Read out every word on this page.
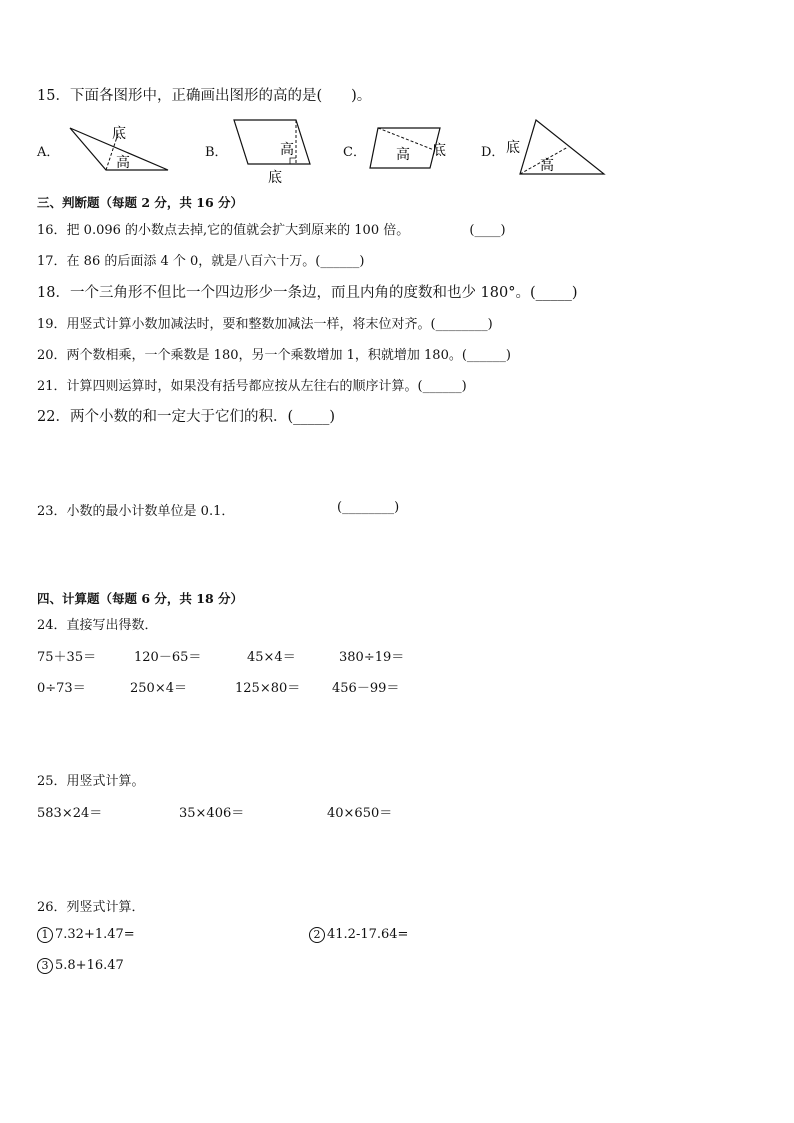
15．下面各图形中，正确画出图形的高的是(　　)。
A．
底
高
B．	高
底
C． 高 底	D． 底
高
三、判断题（每题 2 分，共 16 分）
16．把 0.096 的小数点去掉,它的值就会扩大到原来的 100 倍。	(____)
17．在 86 的后面添 4 个 0，就是八百六十万。(______)
18．一个三角形不但比一个四边形少一条边，而且内角的度数和也少 180°。(_____)
19．用竖式计算小数加减法时，要和整数加减法一样，将末位对齐。(________)
20．两个数相乘，一个乘数是 180，另一个乘数增加 1，积就增加 180。(______)
21．计算四则运算时，如果没有括号都应按从左往右的顺序计算。(______)
22．两个小数的和一定大于它们的积．(_____)
23．小数的最小计数单位是 0.1．	(________)
四、计算题（每题 6 分，共 18 分）
24．直接写出得数．
75＋35＝	120－65＝	45×4＝	380÷19＝
0÷73＝	250×4＝	125×80＝ 456－99＝
25．用竖式计算。
583×24＝	35×406＝	40×650＝
26．列竖式计算．
1 7.32+1.47=	2 41.2-17.64=
3 5.8+16.47
